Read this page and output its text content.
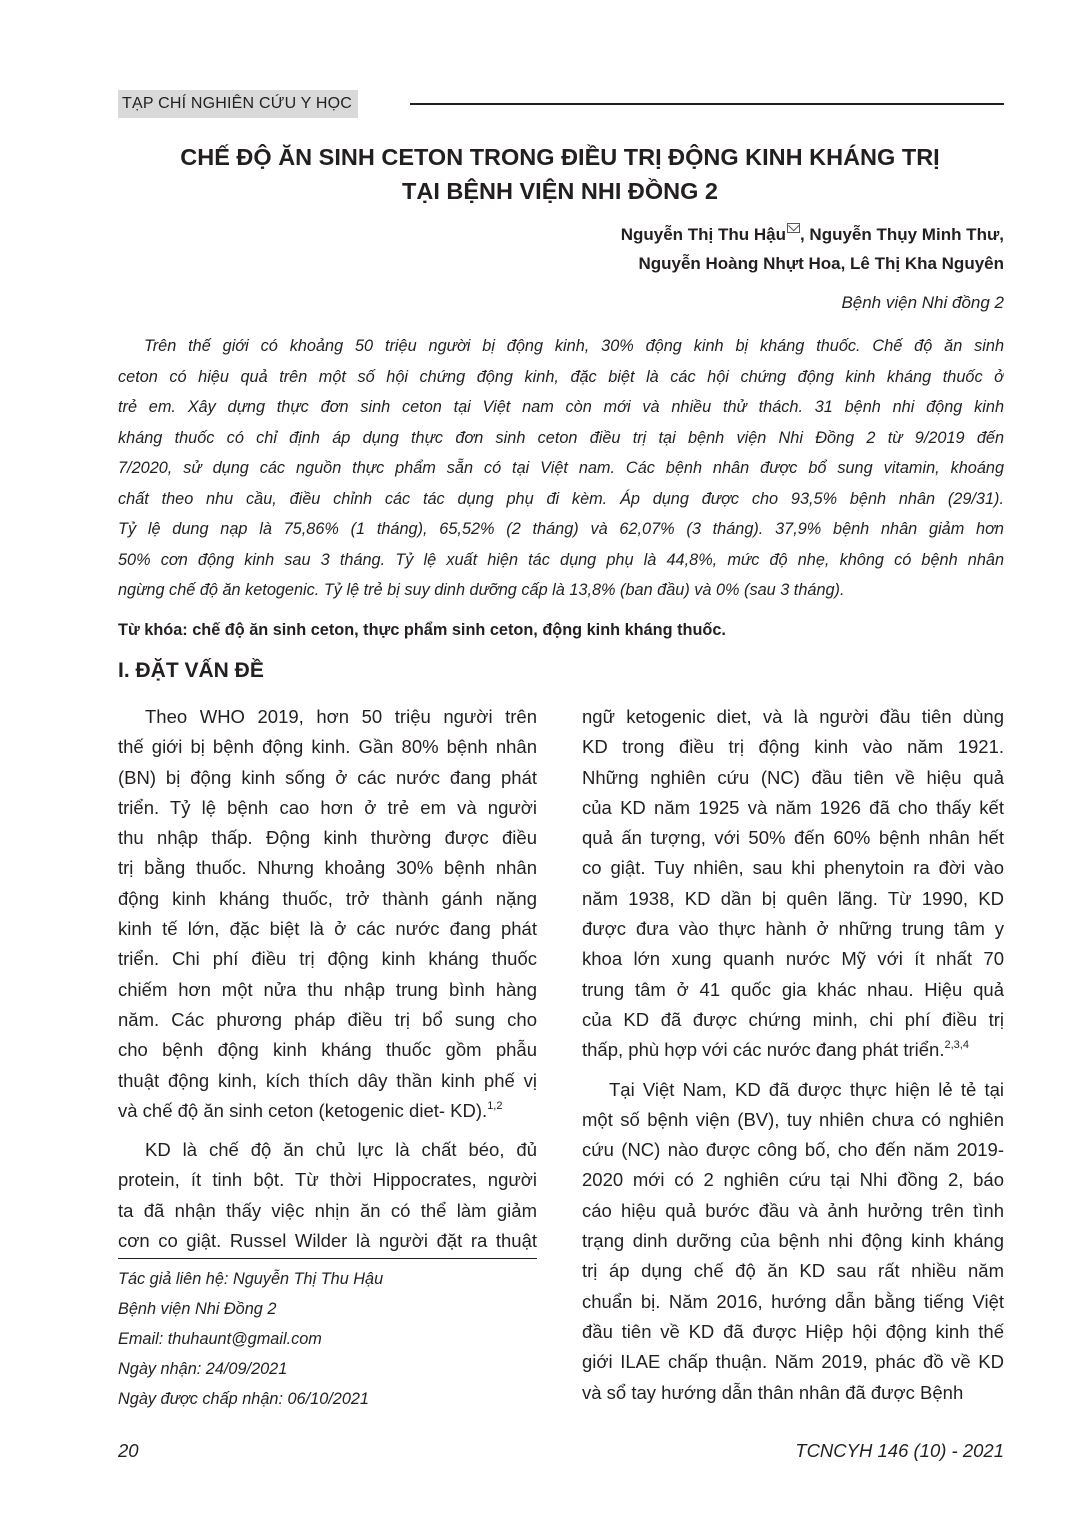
TẠP CHÍ NGHIÊN CỨU Y HỌC
CHẾ ĐỘ ĂN SINH CETON TRONG ĐIỀU TRỊ ĐỘNG KINH KHÁNG TRỊ
TẠI BỆNH VIỆN NHI ĐỒNG 2
Nguyễn Thị Thu Hậu , Nguyễn Thụy Minh Thư,
Nguyễn Hoàng Nhựt Hoa, Lê Thị Kha Nguyên
Bệnh viện Nhi đồng 2
Trên thế giới có khoảng 50 triệu người bị động kinh, 30% động kinh bị kháng thuốc. Chế độ ăn sinh
ceton có hiệu quả trên một số hội chứng động kinh, đặc biệt là các hội chứng động kinh kháng thuốc ở
trẻ em. Xây dựng thực đơn sinh ceton tại Việt nam còn mới và nhiều thử thách. 31 bệnh nhi động kinh
kháng thuốc có chỉ định áp dụng thực đơn sinh ceton điều trị tại bệnh viện Nhi Đồng 2 từ 9/2019 đến
7/2020, sử dụng các nguồn thực phẩm sẵn có tại Việt nam. Các bệnh nhân được bổ sung vitamin, khoáng
chất theo nhu cầu, điều chỉnh các tác dụng phụ đi kèm. Áp dụng được cho 93,5% bệnh nhân (29/31).
Tỷ lệ dung nạp là 75,86% (1 tháng), 65,52% (2 tháng) và 62,07% (3 tháng). 37,9% bệnh nhân giảm hơn
50% cơn động kinh sau 3 tháng. Tỷ lệ xuất hiện tác dụng phụ là 44,8%, mức độ nhẹ, không có bệnh nhân
ngừng chế độ ăn ketogenic. Tỷ lệ trẻ bị suy dinh dưỡng cấp là 13,8% (ban đầu) và 0% (sau 3 tháng).
Từ khóa: chế độ ăn sinh ceton, thực phẩm sinh ceton, động kinh kháng thuốc.
I. ĐẶT VẤN ĐỀ
Theo WHO 2019, hơn 50 triệu người trên
thế giới bị bệnh động kinh. Gần 80% bệnh nhân
(BN) bị động kinh sống ở các nước đang phát
triển. Tỷ lệ bệnh cao hơn ở trẻ em và người
thu nhập thấp. Động kinh thường được điều
trị bằng thuốc. Nhưng khoảng 30% bệnh nhân
động kinh kháng thuốc, trở thành gánh nặng
kinh tế lớn, đặc biệt là ở các nước đang phát
triển. Chi phí điều trị động kinh kháng thuốc
chiếm hơn một nửa thu nhập trung bình hàng
năm. Các phương pháp điều trị bổ sung cho
cho bệnh động kinh kháng thuốc gồm phẫu
thuật động kinh, kích thích dây thần kinh phế vị
và chế độ ăn sinh ceton (ketogenic diet- KD).$^{1,2}$
KD là chế độ ăn chủ lực là chất béo, đủ
protein, ít tinh bột. Từ thời Hippocrates, người
ta đã nhận thấy việc nhịn ăn có thể làm giảm
cơn co giật. Russel Wilder là người đặt ra thuật
Tác giả liên hệ: Nguyễn Thị Thu Hậu
Bệnh viện Nhi Đồng 2
Email: thuhaunt@gmail.com
Ngày nhận: 24/09/2021
Ngày được chấp nhận: 06/10/2021
ngữ ketogenic diet, và là người đầu tiên dùng
KD trong điều trị động kinh vào năm 1921.
Những nghiên cứu (NC) đầu tiên về hiệu quả
của KD năm 1925 và năm 1926 đã cho thấy kết
quả ấn tượng, với 50% đến 60% bệnh nhân hết
co giật. Tuy nhiên, sau khi phenytoin ra đời vào
năm 1938, KD dần bị quên lãng. Từ 1990, KD
được đưa vào thực hành ở những trung tâm y
khoa lớn xung quanh nước Mỹ với ít nhất 70
trung tâm ở 41 quốc gia khác nhau. Hiệu quả
của KD đã được chứng minh, chi phí điều trị
thấp, phù hợp với các nước đang phát triển.$^{2,3,4}$
Tại Việt Nam, KD đã được thực hiện lẻ tẻ tại
một số bệnh viện (BV), tuy nhiên chưa có nghiên
cứu (NC) nào được công bố, cho đến năm 2019-
2020 mới có 2 nghiên cứu tại Nhi đồng 2, báo
cáo hiệu quả bước đầu và ảnh hưởng trên tình
trạng dinh dưỡng của bệnh nhi động kinh kháng
trị áp dụng chế độ ăn KD sau rất nhiều năm
chuẩn bị. Năm 2016, hướng dẫn bằng tiếng Việt
đầu tiên về KD đã được Hiệp hội động kinh thế
giới ILAE chấp thuận. Năm 2019, phác đồ về KD
và sổ tay hướng dẫn thân nhân đã được Bệnh
20	TCNCYH 146 (10) - 2021
